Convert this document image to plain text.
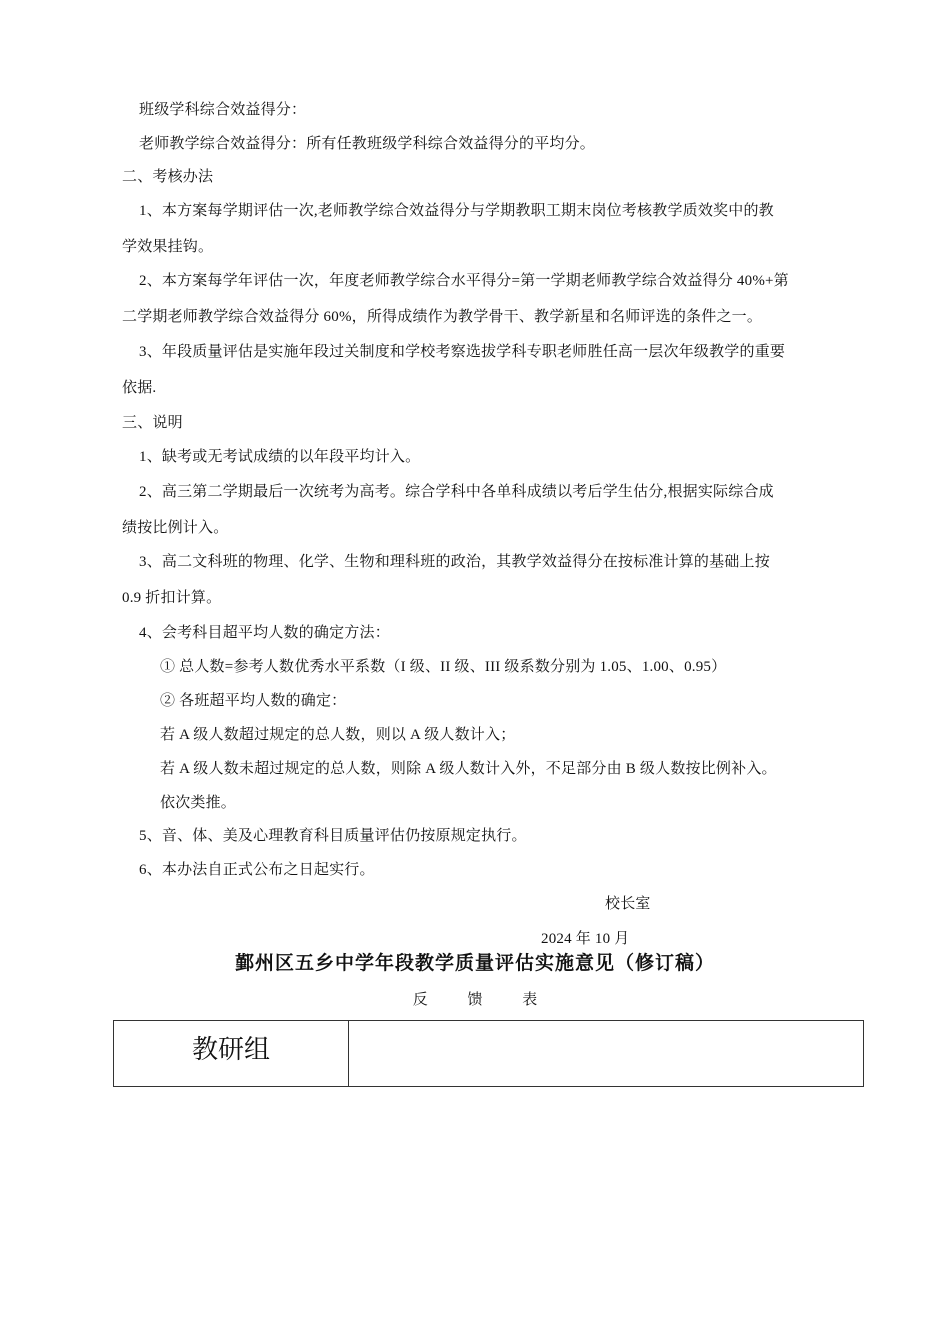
班级学科综合效益得分：
老师教学综合效益得分：所有任教班级学科综合效益得分的平均分。
二、考核办法
1、本方案每学期评估一次,老师教学综合效益得分与学期教职工期末岗位考核教学质效奖中的教
学效果挂钩。
2、本方案每学年评估一次，年度老师教学综合水平得分=第一学期老师教学综合效益得分 40%+第
二学期老师教学综合效益得分 60%，所得成绩作为教学骨干、教学新星和名师评选的条件之一。
3、年段质量评估是实施年段过关制度和学校考察选拔学科专职老师胜任高一层次年级教学的重要
依据.
三、说明
1、缺考或无考试成绩的以年段平均计入。
2、高三第二学期最后一次统考为高考。综合学科中各单科成绩以考后学生估分,根据实际综合成
绩按比例计入。
3、高二文科班的物理、化学、生物和理科班的政治，其教学效益得分在按标准计算的基础上按
0.9 折扣计算。
4、会考科目超平均人数的确定方法：
① 总人数=参考人数优秀水平系数（I 级、II 级、III 级系数分别为 1.05、1.00、0.95）
② 各班超平均人数的确定：
若 A 级人数超过规定的总人数，则以 A 级人数计入；
若 A 级人数未超过规定的总人数，则除 A 级人数计入外，不足部分由 B 级人数按比例补入。
依次类推。
5、音、体、美及心理教育科目质量评估仍按原规定执行。
6、本办法自正式公布之日起实行。
校长室
2024 年 10 月
鄞州区五乡中学年段教学质量评估实施意见（修订稿）
反	馈	表
教研组	
